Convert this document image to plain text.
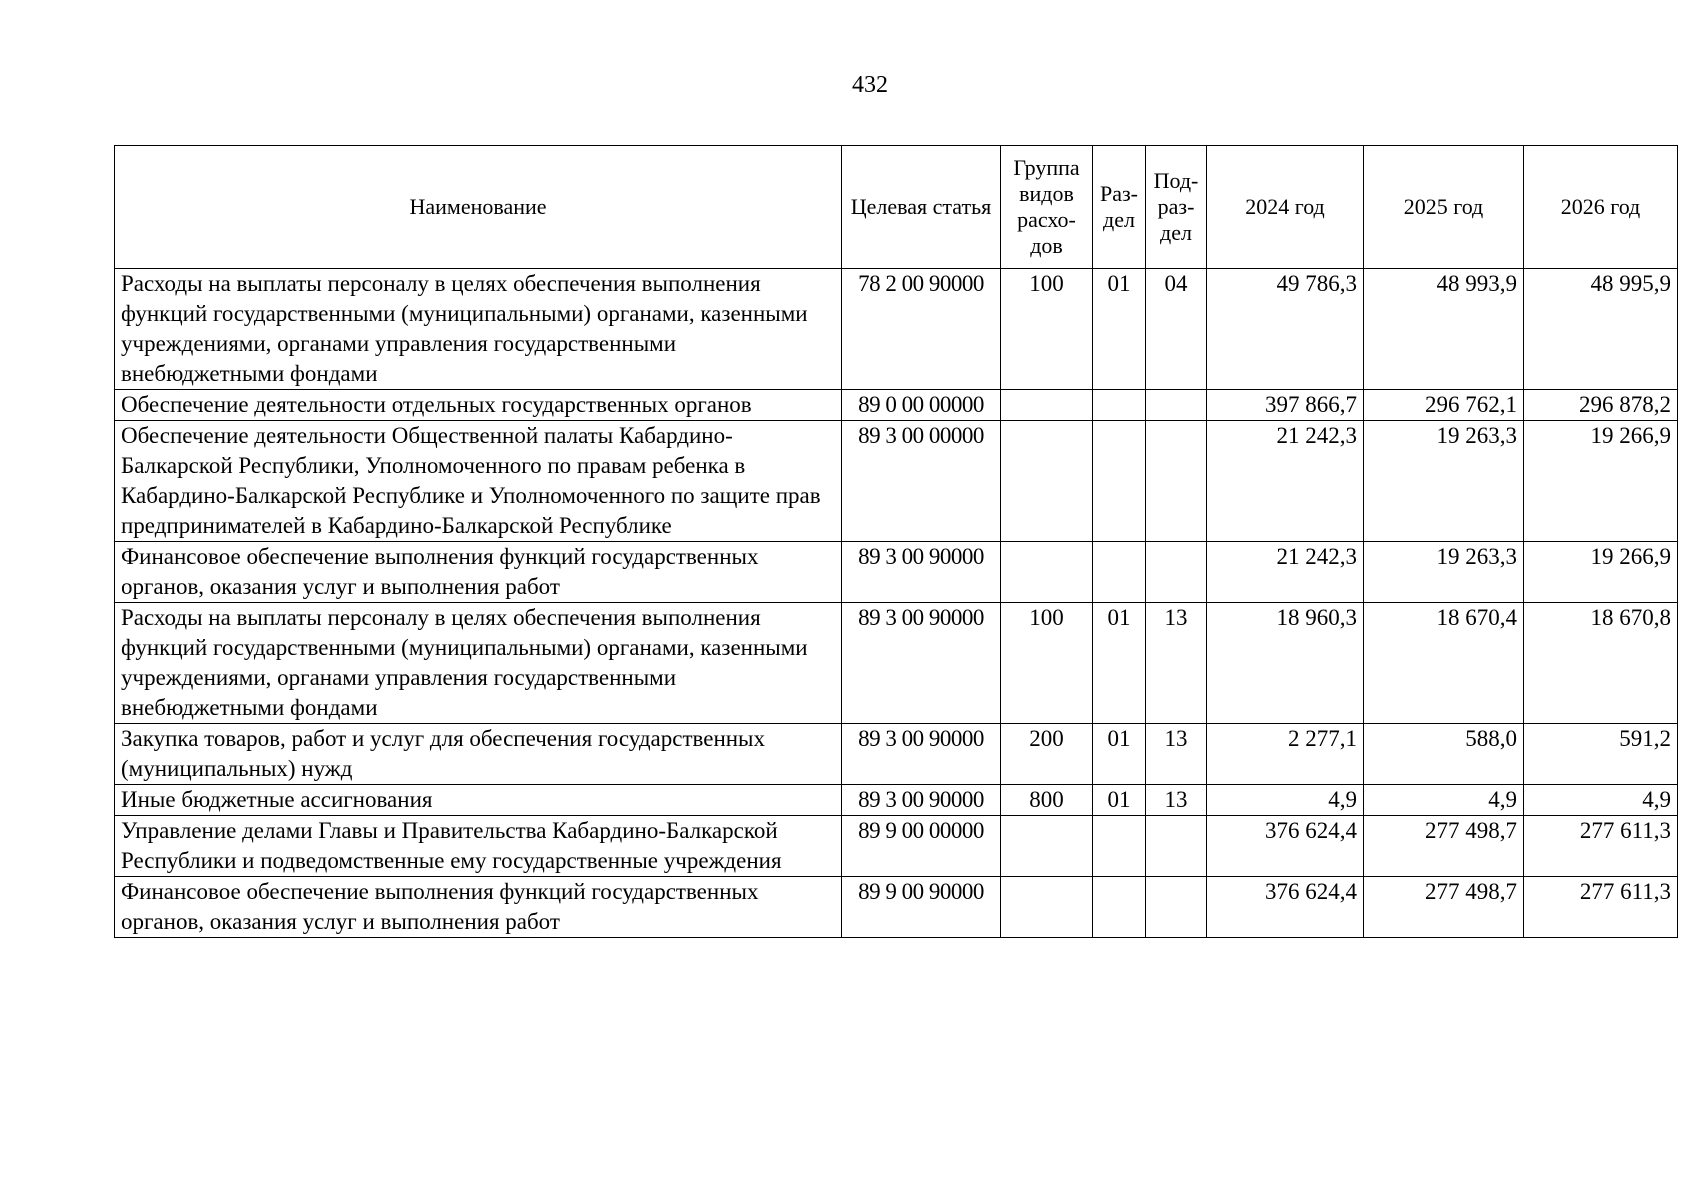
432
Наименование	Целевая статья	Группа видов расхо-дов	Раз-дел	Под-раз-дел	2024 год	2025 год	2026 год
Расходы на выплаты персоналу в целях обеспечения выполнения функций государственными (муниципальными) органами, казенными учреждениями, органами управления государственными внебюджетными фондами	78 2 00 90000	100	01	04	49 786,3	48 993,9	48 995,9
Обеспечение деятельности отдельных государственных органов	89 0 00 00000				397 866,7	296 762,1	296 878,2
Обеспечение деятельности Общественной палаты Кабардино-Балкарской Республики, Уполномоченного по правам ребенка в Кабардино-Балкарской Республике и Уполномоченного по защите прав предпринимателей в Кабардино-Балкарской Республике	89 3 00 00000				21 242,3	19 263,3	19 266,9
Финансовое обеспечение выполнения функций государственных органов, оказания услуг и выполнения работ	89 3 00 90000				21 242,3	19 263,3	19 266,9
Расходы на выплаты персоналу в целях обеспечения выполнения функций государственными (муниципальными) органами, казенными учреждениями, органами управления государственными внебюджетными фондами	89 3 00 90000	100	01	13	18 960,3	18 670,4	18 670,8
Закупка товаров, работ и услуг для обеспечения государственных (муниципальных) нужд	89 3 00 90000	200	01	13	2 277,1	588,0	591,2
Иные бюджетные ассигнования	89 3 00 90000	800	01	13	4,9	4,9	4,9
Управление делами Главы и Правительства Кабардино-Балкарской Республики и подведомственные ему государственные учреждения	89 9 00 00000				376 624,4	277 498,7	277 611,3
Финансовое обеспечение выполнения функций государственных органов, оказания услуг и выполнения работ	89 9 00 90000				376 624,4	277 498,7	277 611,3
